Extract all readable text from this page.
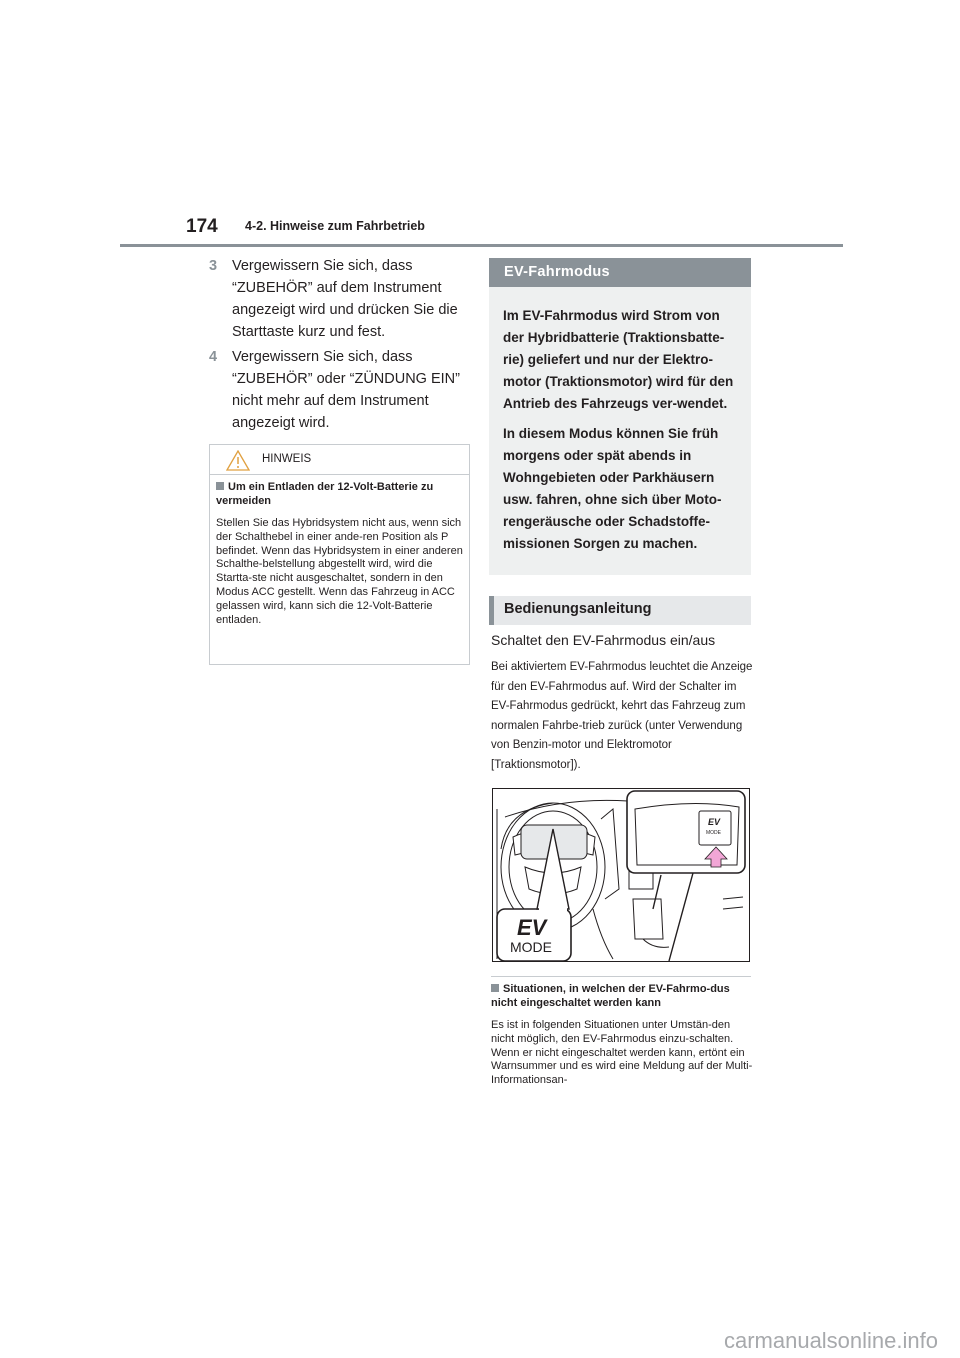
174 4-2. Hinweise zum Fahrbetrieb
3 Vergewissern Sie sich, dass “ZUBEHÖR” auf dem Instrument angezeigt wird und drücken Sie die Starttaste kurz und fest.
4 Vergewissern Sie sich, dass “ZUBEHÖR” oder “ZÜNDUNG EIN” nicht mehr auf dem Instrument angezeigt wird.
HINWEIS
Um ein Entladen der 12-Volt-Batterie zu vermeiden
Stellen Sie das Hybridsystem nicht aus, wenn sich der Schalthebel in einer ande-ren Position als P befindet. Wenn das Hybridsystem in einer anderen Schalthe-belstellung abgestellt wird, wird die Startta-ste nicht ausgeschaltet, sondern in den Modus ACC gestellt. Wenn das Fahrzeug in ACC gelassen wird, kann sich die 12-Volt-Batterie entladen.
EV-Fahrmodus

Im EV-Fahrmodus wird Strom von der Hybridbatterie (Traktionsbatte-rie) geliefert und nur der Elektro-motor (Traktionsmotor) wird für den Antrieb des Fahrzeugs ver-wendet.

In diesem Modus können Sie früh morgens oder spät abends in Wohngebieten oder Parkhäusern usw. fahren, ohne sich über Moto-rengeräusche oder Schadstoffe-missionen Sorgen zu machen.

Bedienungsanleitung
Schaltet den EV-Fahrmodus ein/aus
Bei aktiviertem EV-Fahrmodus leuchtet die Anzeige für den EV-Fahrmodus auf. Wird der Schalter im EV-Fahrmodus gedrückt, kehrt das Fahrzeug zum normalen Fahrbe-trieb zurück (unter Verwendung von Benzin-motor und Elektromotor [Traktionsmotor]).
EV
MODE
EV
MODE
Situationen, in welchen der EV-Fahrmo-dus nicht eingeschaltet werden kann
Es ist in folgenden Situationen unter Umstän-den nicht möglich, den EV-Fahrmodus einzu-schalten. Wenn er nicht eingeschaltet werden kann, ertönt ein Warnsummer und es wird eine Meldung auf der Multi-Informationsan-
carmanualsonline.info
